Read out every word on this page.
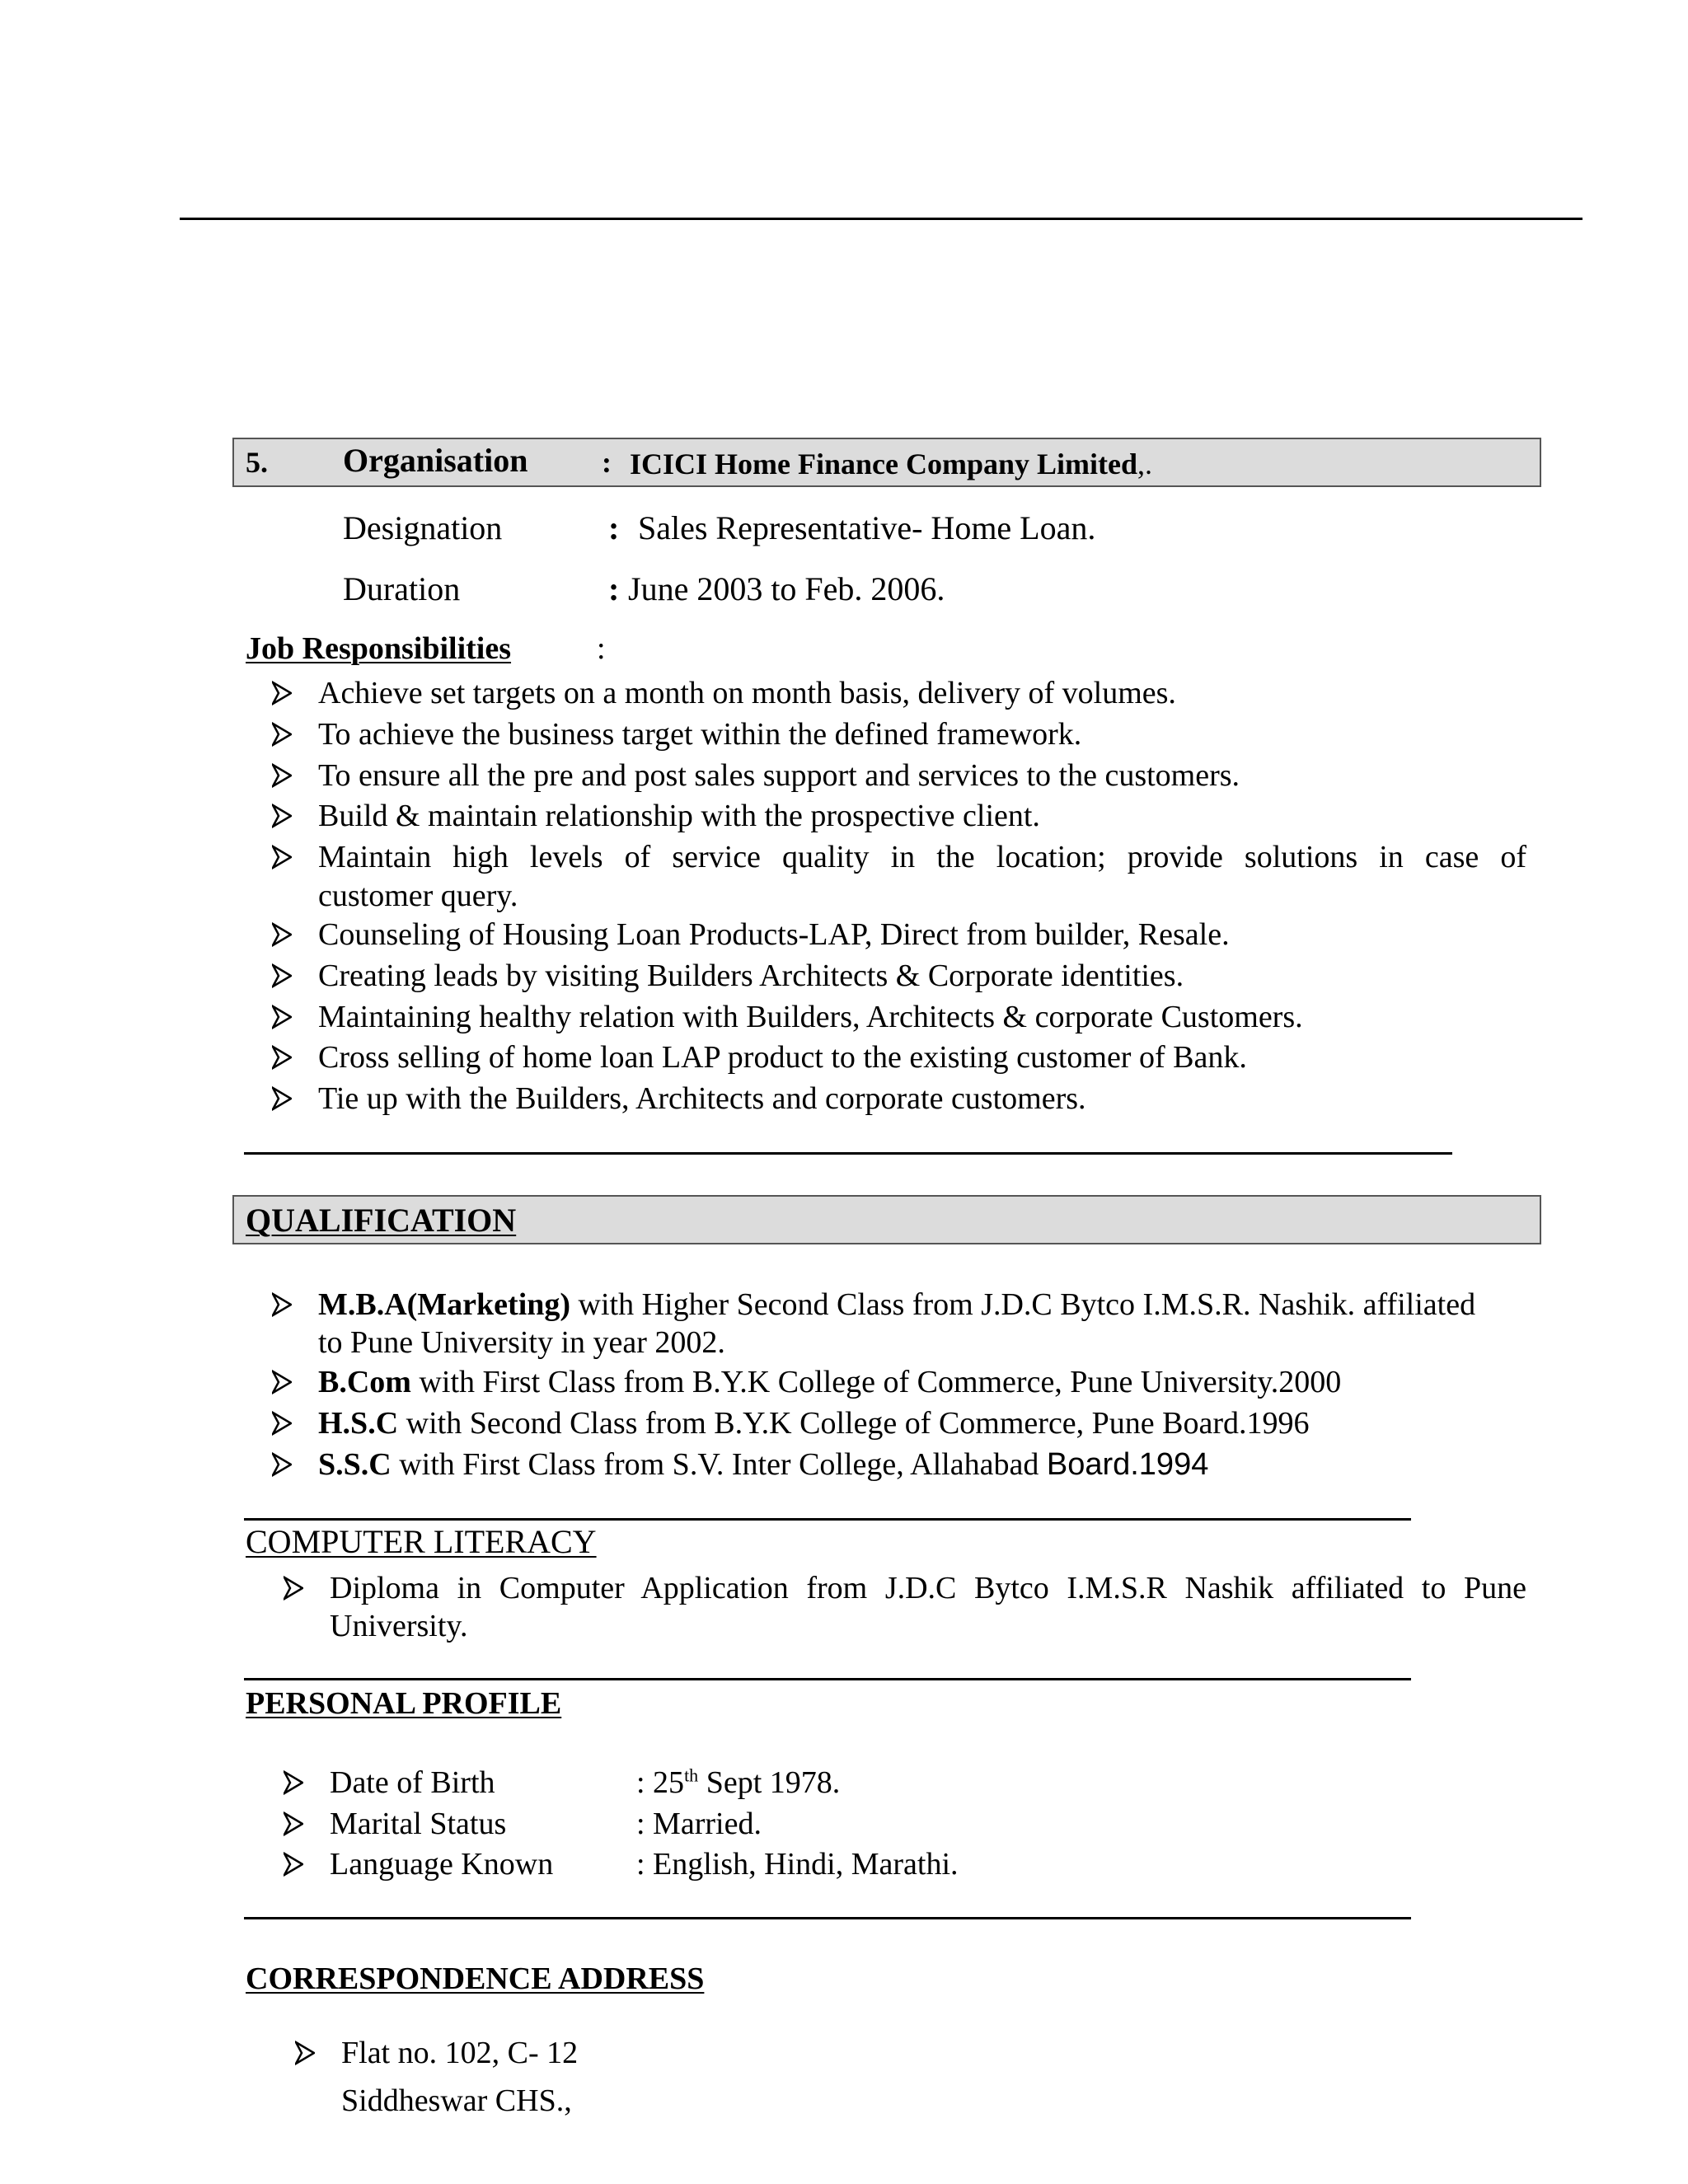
5. Organisation : ICICI Home Finance Company Limited,.
Designation	: Sales Representative- Home Loan.
Duration	: June 2003 to Feb. 2006.
Job Responsibilities	:
Achieve set targets on a month on month basis, delivery of volumes.
To achieve the business target within the defined framework.
To ensure all the pre and post sales support and services to the customers.
Build & maintain relationship with the prospective client.
Maintain high levels of service quality in the location; provide solutions in case of
customer query.
Counseling of Housing Loan Products-LAP, Direct from builder, Resale.
Creating leads by visiting Builders Architects & Corporate identities.
Maintaining healthy relation with Builders, Architects & corporate Customers.
Cross selling of home loan LAP product to the existing customer of Bank.
Tie up with the Builders, Architects and corporate customers.
QUALIFICATION
M.B.A(Marketing) with Higher Second Class from J.D.C Bytco I.M.S.R. Nashik. affiliated
to Pune University in year 2002.
B.Com with First Class from B.Y.K College of Commerce, Pune University.2000
H.S.C with Second Class from B.Y.K College of Commerce, Pune Board.1996
S.S.C with First Class from S.V. Inter College, Allahabad Board.1994
COMPUTER LITERACY
Diploma in Computer Application from J.D.C Bytco I.M.S.R Nashik affiliated to Pune
University.
PERSONAL PROFILE
Date of Birth	: 25th Sept 1978.
Marital Status	: Married.
Language Known	: English, Hindi, Marathi.
CORRESPONDENCE ADDRESS
Flat no. 102, C- 12
Siddheswar CHS.,
